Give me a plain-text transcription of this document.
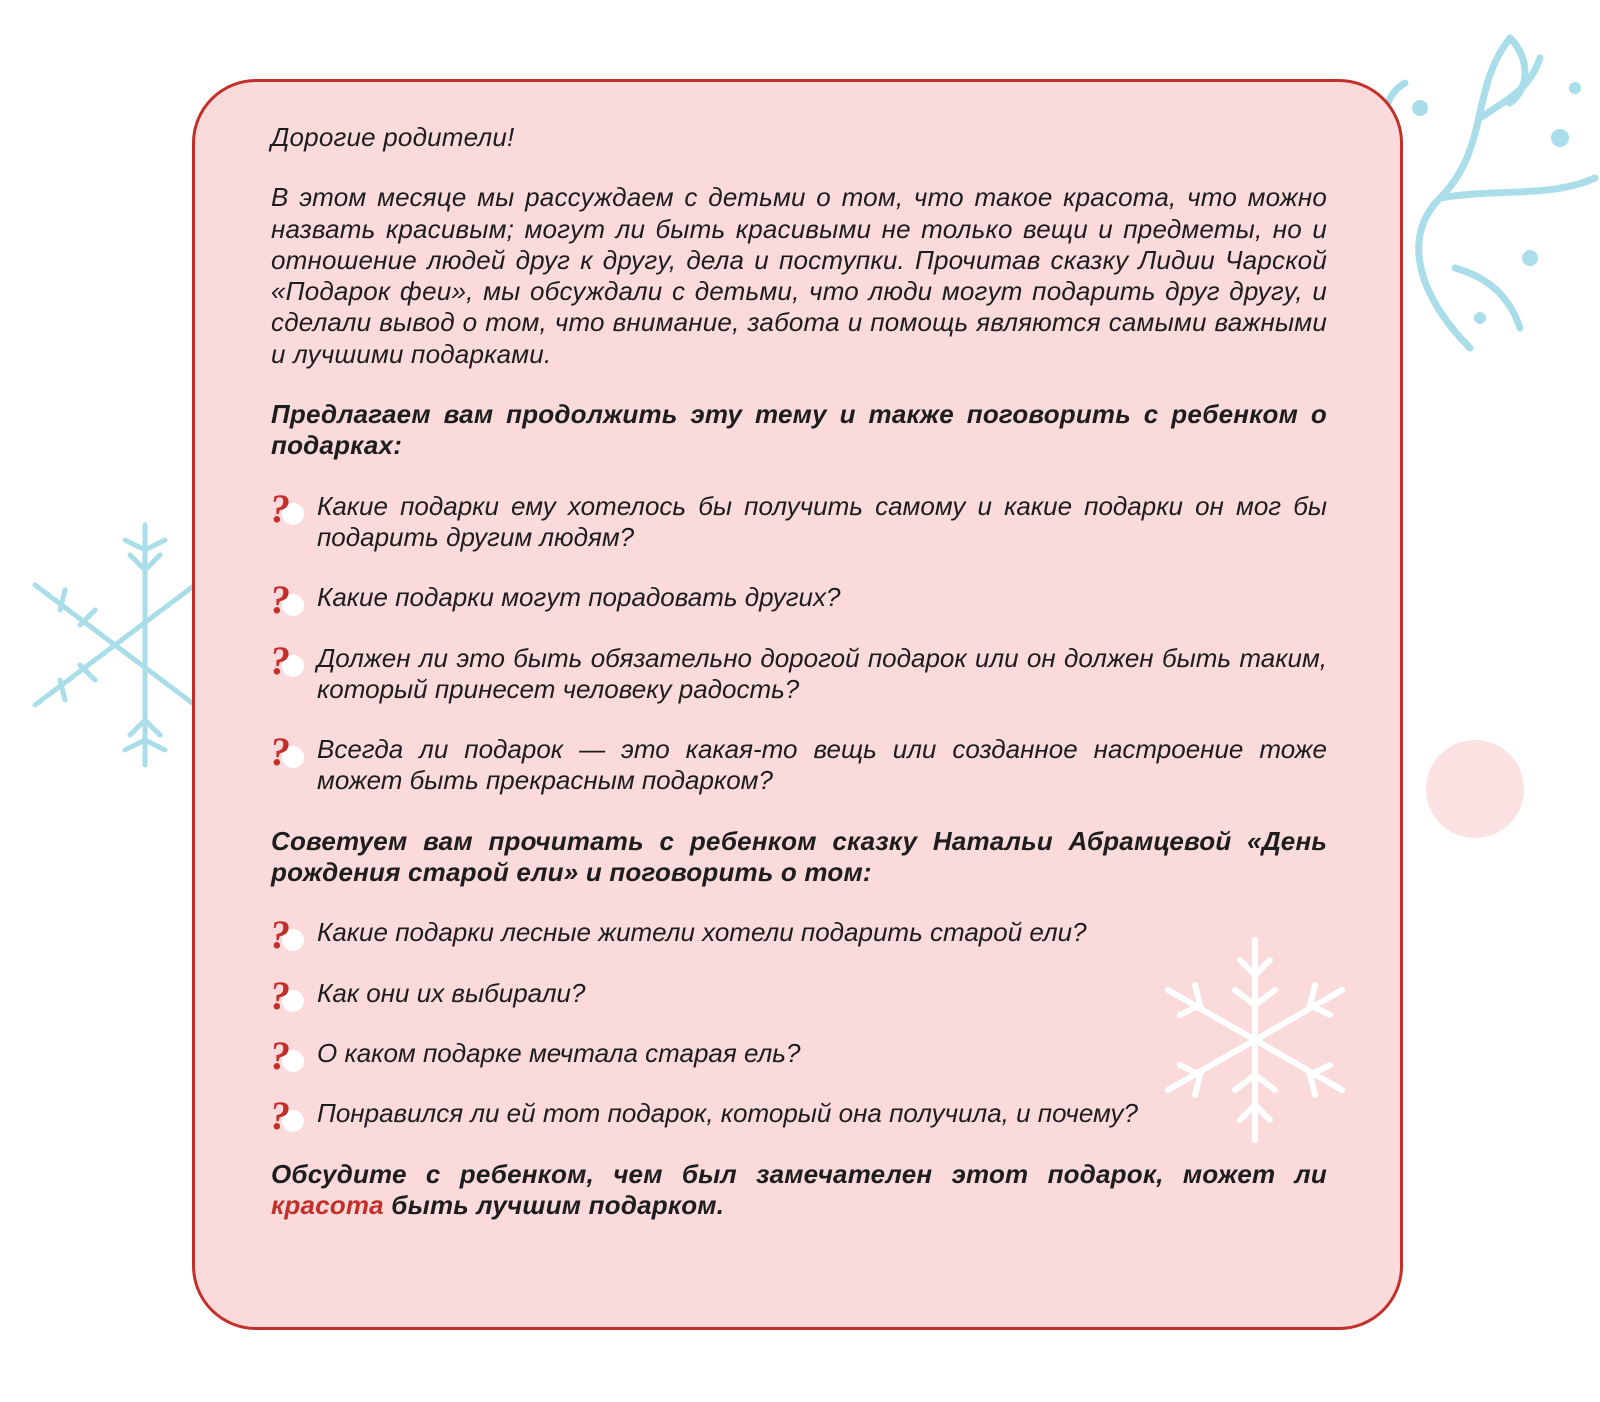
Дорогие родители!

В этом месяце мы рассуждаем с детьми о том, что такое красота, что можно назвать красивым; могут ли быть красивыми не только вещи и предметы, но и отношение людей друг к другу, дела и поступки. Прочитав сказку Лидии Чарской «Подарок феи», мы обсуждали с детьми, что люди могут подарить друг другу, и сделали вывод о том, что внимание, забота и помощь являются самыми важными и лучшими подарками.

Предлагаем вам продолжить эту тему и также поговорить с ребенком о подарках:

? Какие подарки ему хотелось бы получить самому и какие подарки он мог бы подарить другим людям?
? Какие подарки могут порадовать других?
? Должен ли это быть обязательно дорогой подарок или он должен быть таким, который принесет человеку радость?
? Всегда ли подарок — это какая-то вещь или созданное настроение тоже может быть прекрасным подарком?

Советуем вам прочитать с ребенком сказку Натальи Абрамцевой «День рождения старой ели» и поговорить о том:

? Какие подарки лесные жители хотели подарить старой ели?
? Как они их выбирали?
? О каком подарке мечтала старая ель?
? Понравился ли ей тот подарок, который она получила, и почему?

Обсудите с ребенком, чем был замечателен этот подарок, может ли красота быть лучшим подарком.
